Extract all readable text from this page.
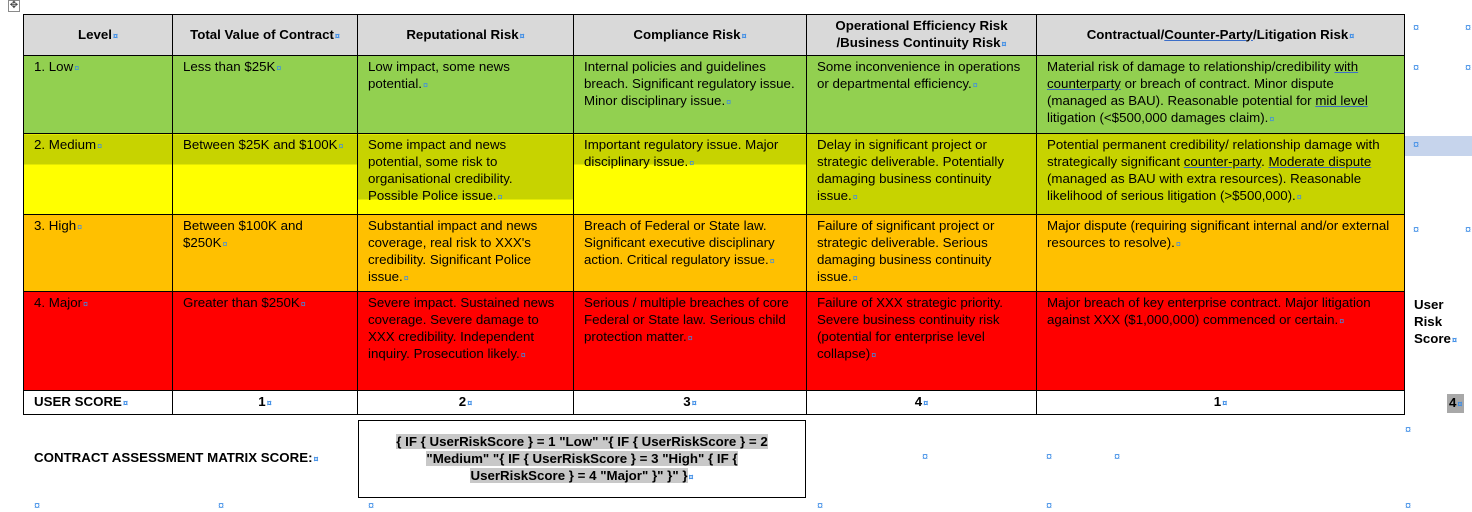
✥
Level¤	Total Value of Contract¤	Reputational Risk¤	Compliance Risk¤	Operational Efficiency Risk
/Business Continuity Risk¤	Contractual/Counter-Party/Litigation Risk¤
1. Low¤	Less than $25K¤	Low impact, some news potential.¤	Internal policies and guidelines breach. Significant regulatory issue. Minor disciplinary issue.¤	Some inconvenience in operations or departmental efficiency.¤	Material risk of damage to relationship/credibility with counterparty or breach of contract. Minor dispute (managed as BAU). Reasonable potential for mid level litigation (<$500,000 damages claim).¤
2. Medium¤	Between $25K and $100K¤	Some impact and news potential, some risk to organisational credibility. Possible Police issue.¤	Important regulatory issue. Major disciplinary issue.¤	Delay in significant project or strategic deliverable. Potentially damaging business continuity issue.¤	Potential permanent credibility/ relationship damage with strategically significant counter-party. Moderate dispute (managed as BAU with extra resources). Reasonable likelihood of serious litigation (>$500,000).¤
3. High¤	Between $100K and $250K¤	Substantial impact and news coverage, real risk to XXX's credibility. Significant Police issue.¤	Breach of Federal or State law. Significant executive disciplinary action. Critical regulatory issue.¤	Failure of significant project or strategic deliverable. Serious damaging business continuity issue.¤	Major dispute (requiring significant internal and/or external resources to resolve).¤
4. Major¤	Greater than $250K¤	Severe impact. Sustained news coverage. Severe damage to XXX credibility. Independent inquiry. Prosecution likely.¤	Serious / multiple breaches of core Federal or State law. Serious child protection matter.¤	Failure of XXX strategic priority. Severe business continuity risk (potential for enterprise level collapse)¤	Major breach of key enterprise contract. Major litigation against XXX ($1,000,000) commenced or certain.¤
USER SCORE¤	1¤	2¤	3¤	4¤	1¤
¤
¤
¤
¤
¤
¤
¤
User
Risk
Score¤
4¤
¤
CONTRACT ASSESSMENT MATRIX SCORE:¤
{ IF { UserRiskScore } = 1 "Low" "{ IF { UserRiskScore } = 2
"Medium" "{ IF { UserRiskScore } = 3 "High" { IF {
UserRiskScore } = 4 "Major" }" }" }¤
¤	¤	¤
¤	¤	¤	¤	¤	¤
